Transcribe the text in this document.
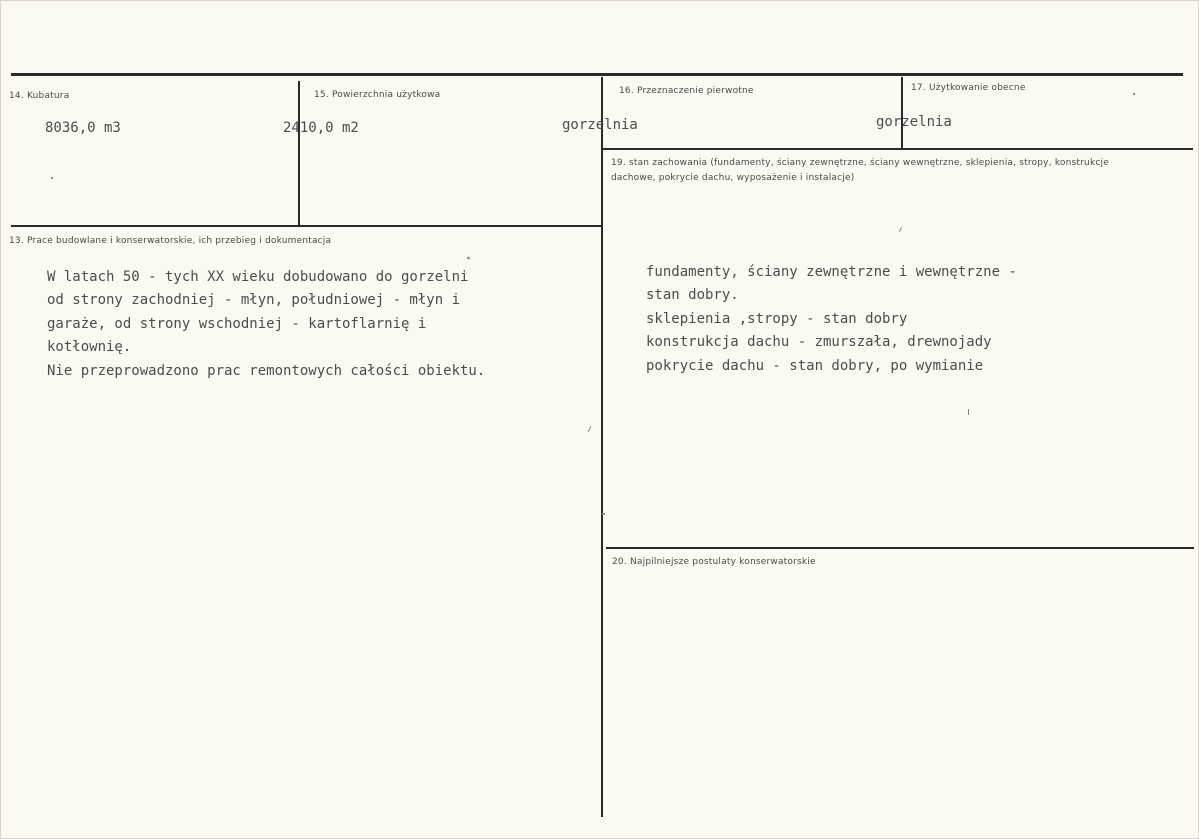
14. Kubatura
8036,0 m3
15. Powierzchnia użytkowa
2410,0 m2
16. Przeznaczenie pierwotne
gorzelnia
17. Użytkowanie obecne
gorzelnia
13. Prace budowlane i konserwatorskie, ich przebieg i dokumentacja
W latach 50 - tych XX wieku dobudowano do gorzelni
od strony zachodniej - młyn, południowej - młyn i
garaże, od strony wschodniej - kartoflarnię i
kotłownię.
Nie przeprowadzono prac remontowych całości obiektu.
19. stan zachowania (fundamenty, ściany zewnętrzne, ściany wewnętrzne, sklepienia, stropy, konstrukcje dachowe, pokrycie dachu, wyposażenie i instalacje)
fundamenty, ściany zewnętrzne i wewnętrzne -
stan dobry.
sklepienia ,stropy - stan dobry
konstrukcja dachu - zmurszała, drewnojady
pokrycie dachu - stan dobry, po wymianie
20. Najpilniejsze postulaty konserwatorskie
